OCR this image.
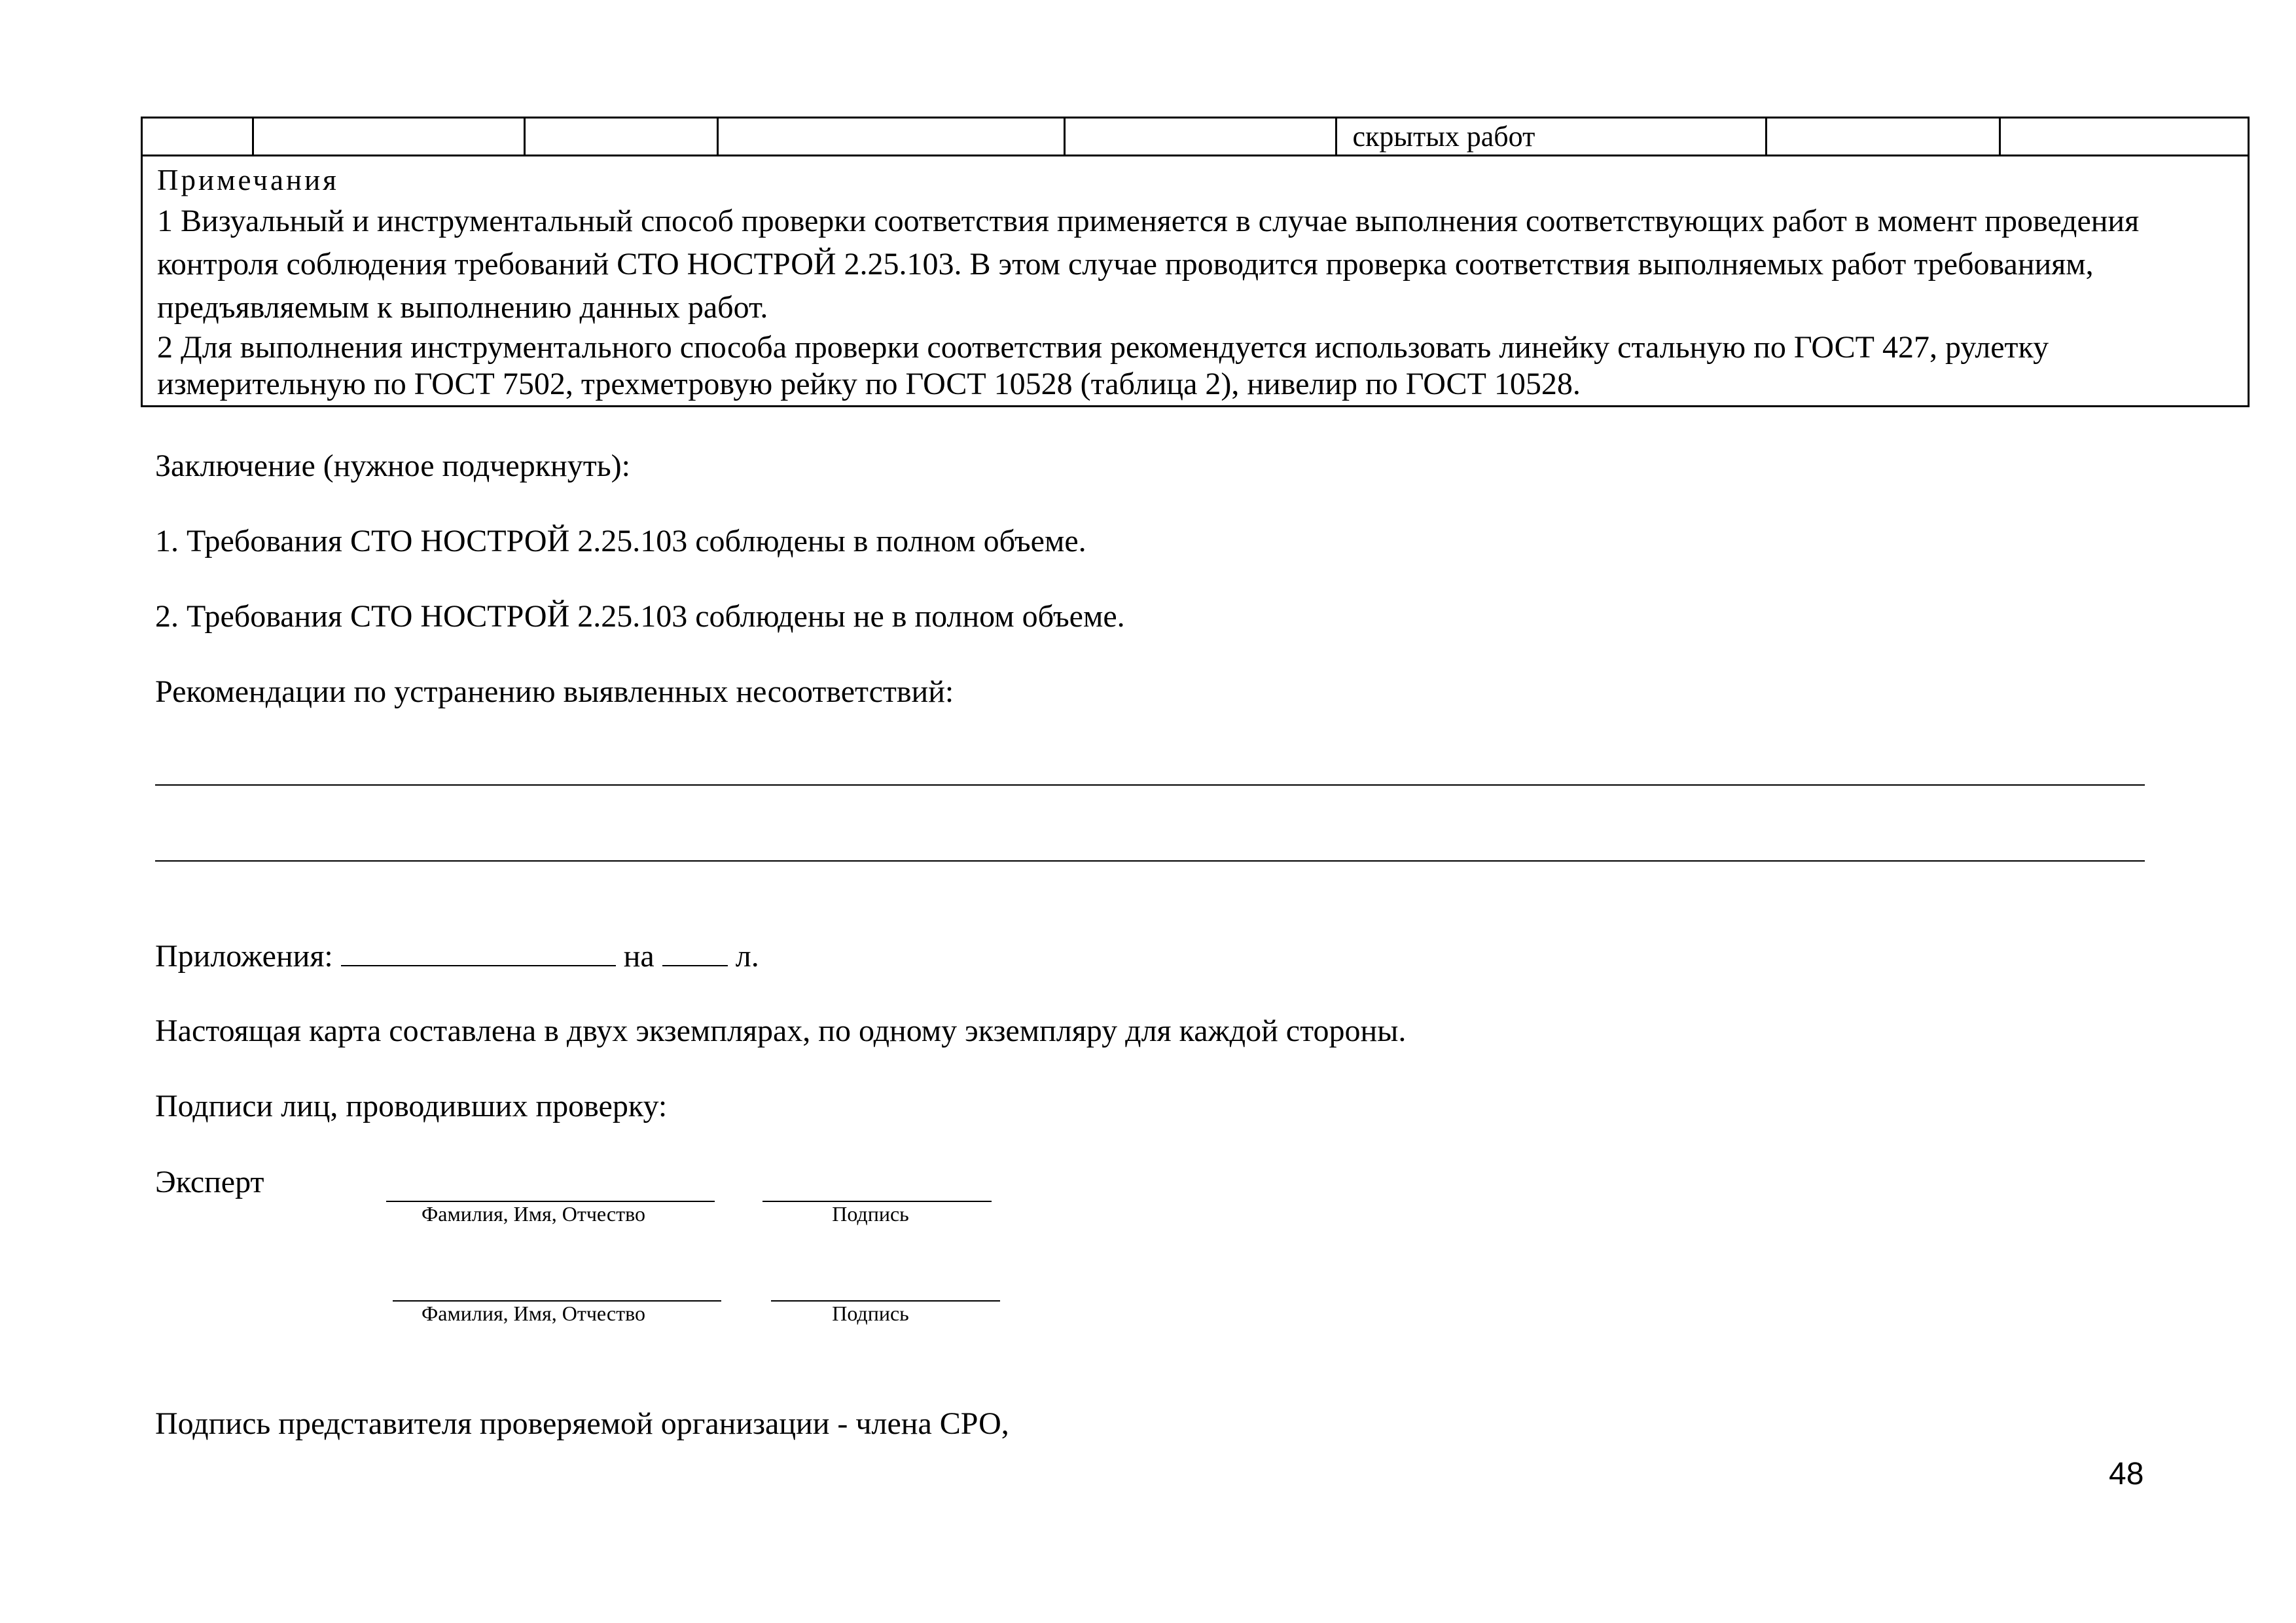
					скрытых работ		
Примечания

1 Визуальный и инструментальный способ проверки соответствия применяется в случае выполнения соответствующих работ в момент проведения контроля соблюдения требований СТО НОСТРОЙ 2.25.103. В этом случае проводится проверка соответствия выполняемых работ требованиям, предъявляемым к выполнению данных работ.

2 Для выполнения инструментального способа проверки соответствия рекомендуется использовать линейку стальную по ГОСТ 427, рулетку измерительную по ГОСТ 7502, трехметровую рейку по ГОСТ 10528 (таблица 2), нивелир по ГОСТ 10528.

Заключение (нужное подчеркнуть):
1. Требования СТО НОСТРОЙ 2.25.103 соблюдены в полном объеме.
2. Требования СТО НОСТРОЙ 2.25.103 соблюдены не в полном объеме.
Рекомендации по устранению выявленных несоответствий:
Приложения:	на	л.
Настоящая карта составлена в двух экземплярах, по одному экземпляру для каждой стороны.
Подписи лиц, проводивших проверку:
Эксперт
Фамилия, Имя, Отчество	Подпись
Фамилия, Имя, Отчество	Подпись
Подпись представителя проверяемой организации - члена СРО,
48
